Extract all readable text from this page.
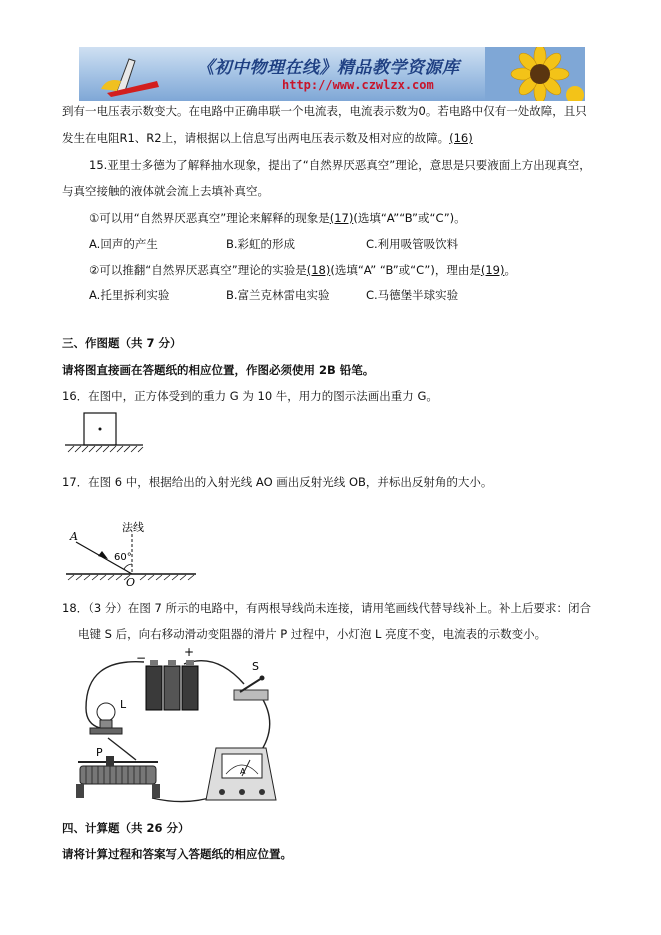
《初中物理在线》精品教学资源库
http://www.czwlzx.com
到有一电压表示数变大。在电路中正确串联一个电流表，电流表示数为0。若电路中仅有一处故障，且只
发生在电阻R1、R2上，请根据以上信息写出两电压表示数及相对应的故障。(16)
15.亚里士多德为了解释抽水现象，提出了“自然界厌恶真空”理论，意思是只要液面上方出现真空，
与真空接触的液体就会流上去填补真空。
①可以用“自然界厌恶真空”理论来解释的现象是(17)(选填“A”“B”或“C”)。
A.回声的产生	B.彩虹的形成	C.利用吸管吸饮料
②可以推翻“自然界厌恶真空”理论的实验是(18)(选填“A” “B”或“C”)，理由是(19)。
A.托里拆利实验	B.富兰克林雷电实验	C.马德堡半球实验
三、作图题（共 7 分）
请将图直接画在答题纸的相应位置，作图必须使用 2B 铅笔。
16．在图中，正方体受到的重力 G 为 10 牛，用力的图示法画出重力 G。
17．在图 6 中，根据给出的入射光线 AO 画出反射光线 OB，并标出反射角的大小。
法线
A
60°
O
18．（3 分）在图 7 所示的电路中，有两根导线尚未连接，请用笔画线代替导线补上。补上后要求：闭合
电键 S 后，向右移动滑动变阻器的滑片 P 过程中，小灯泡 L 亮度不变，电流表的示数变小。
−	+
S
L
P
A
四、计算题（共 26 分）
请将计算过程和答案写入答题纸的相应位置。
